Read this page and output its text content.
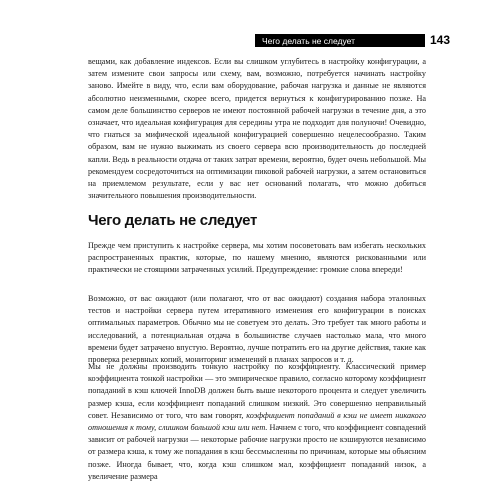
Чего делать не следует	143

вещами, как добавление индексов. Если вы слишком углубитесь в настройку конфигурации, а затем измените свои запросы или схему, вам, возможно, потребуется начинать настройку заново. Имейте в виду, что, если вам оборудование, рабочая нагрузка и данные не являются абсолютно неизменными, скорее всего, придется вернуться к конфигурированию позже. На самом деле большинство серверов не имеют постоянной рабочей нагрузки в течение дня, а это означает, что идеальная конфигурация для середины утра не подходит для полуночи! Очевидно, что гнаться за мифической идеальной конфигурацией совершенно нецелесообразно. Таким образом, вам не нужно выжимать из своего сервера всю производительность до последней капли. Ведь в реальности отдача от таких затрат времени, вероятно, будет очень небольшой. Мы рекомендуем сосредоточиться на оптимизации пиковой рабочей нагрузки, а затем остановиться на приемлемом результате, если у вас нет оснований полагать, что можно добиться значительного повышения производительности.

Чего делать не следует

Прежде чем приступить к настройке сервера, мы хотим посоветовать вам избегать нескольких распространенных практик, которые, по нашему мнению, являются рискованными или практически не стоящими затраченных усилий. Предупреждение: громкие слова впереди!

Возможно, от вас ожидают (или полагают, что от вас ожидают) создания набора эталонных тестов и настройки сервера путем итеративного изменения его конфигурации в поисках оптимальных параметров. Обычно мы не советуем это делать. Это требует так много работы и исследований, а потенциальная отдача в большинстве случаев настолько мала, что много времени будет затрачено впустую. Вероятно, лучше потратить его на другие действия, такие как проверка резервных копий, мониторинг изменений в планах запросов и т. д.

Мы не должны производить тонкую настройку по коэффициенту. Классический пример коэффициента тонкой настройки — это эмпирическое правило, согласно которому коэффициент попаданий в кэш ключей InnoDB должен быть выше некоторого процента и следует увеличить размер кэша, если коэффициент попаданий слишком низкий. Это совершенно неправильный совет. Независимо от того, что вам говорят, коэффициент попаданий в кэш не имеет никакого отношения к тому, слишком большой кэш или нет. Начнем с того, что коэффициент совпадений зависит от рабочей нагрузки — некоторые рабочие нагрузки просто не кэшируются независимо от размера кэша, к тому же попадания в кэш бессмысленны по причинам, которые мы объясним позже. Иногда бывает, что, когда кэш слишком мал, коэффициент попаданий низок, а увеличение размера
